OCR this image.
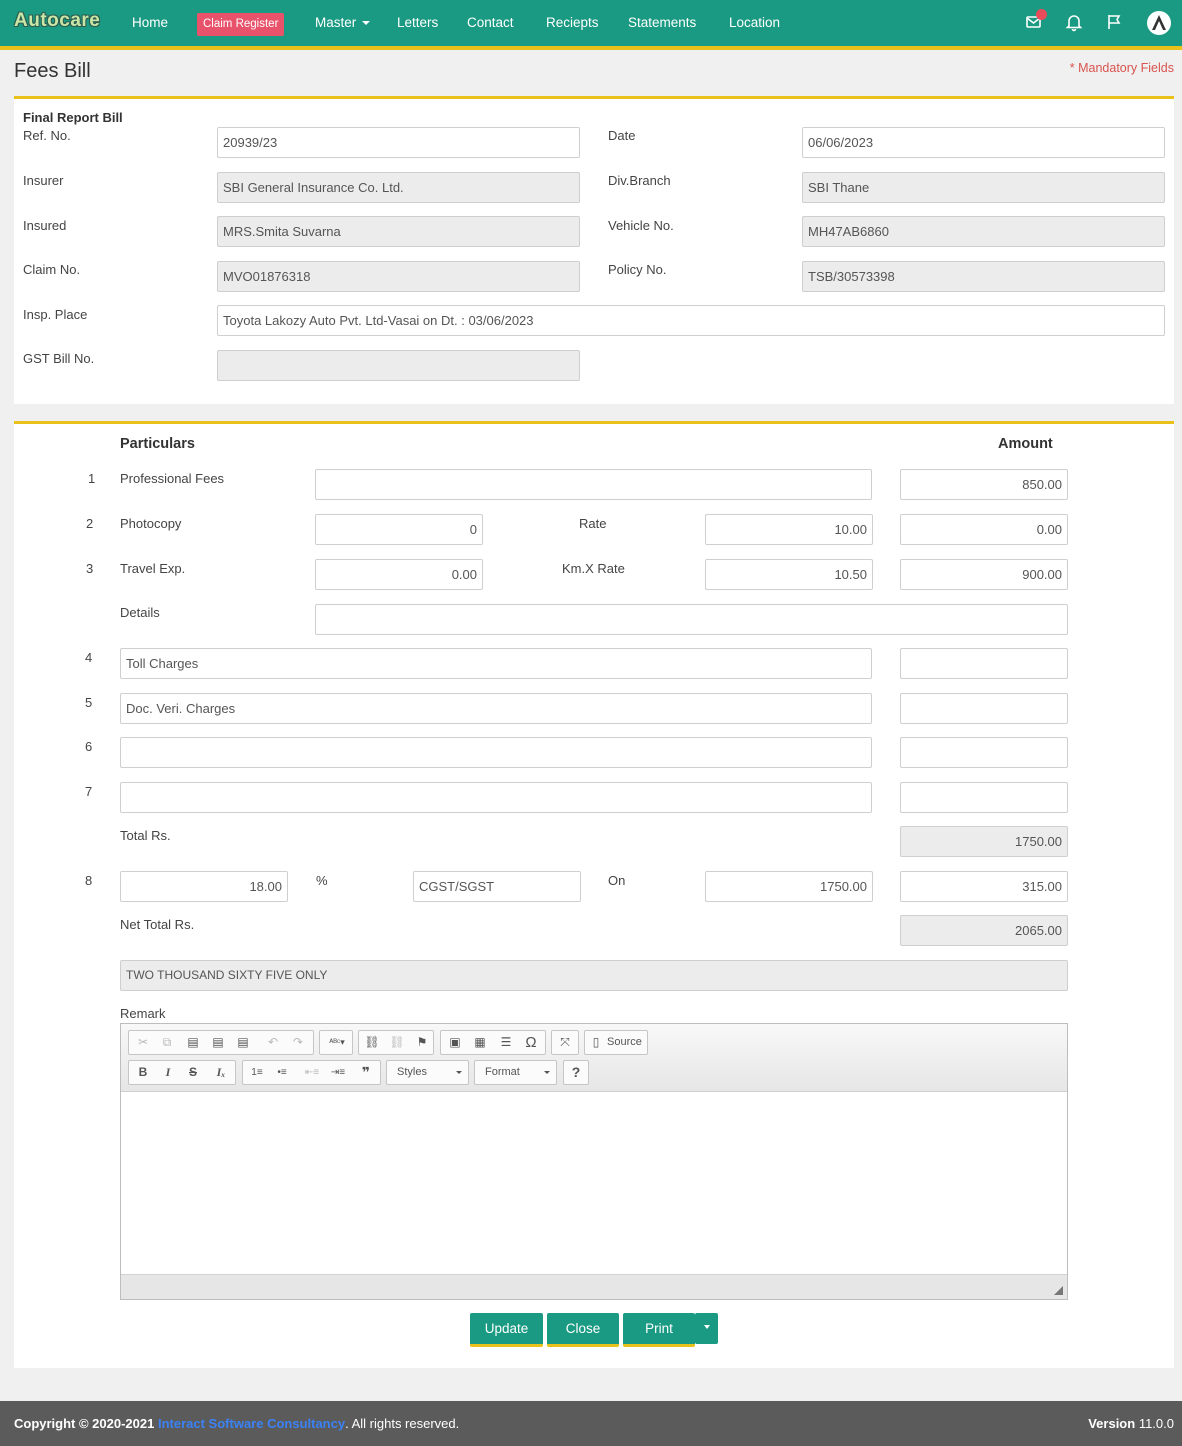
Autocare Home	Claim Register	Master	Letters Contact Reciepts Statements Location
Fees Bill	* Mandatory Fields
Final Report Bill
Ref. No.	20939/23	Date	06/06/2023
Insurer	SBI General Insurance Co. Ltd.	Div.Branch	SBI Thane
Insured	MRS.Smita Suvarna	Vehicle No.	MH47AB6860
Claim No.	MVO01876318	Policy No.	TSB/30573398
Insp. Place	Toyota Lakozy Auto Pvt. Ltd-Vasai on Dt. : 03/06/2023
GST Bill No.
Particulars	Amount
1 Professional Fees	850.00
2 Photocopy	0	Rate	10.00	0.00
3 Travel Exp.	0.00	Km.X Rate	10.50	900.00
Details
4	Toll Charges
5	Doc. Veri. Charges
6
7
Total Rs.	1750.00
8	18.00	%	CGST/SGST	On	1750.00	315.00
Net Total Rs.	2065.00
TWO THOUSAND SIXTY FIVE ONLY
Remark
✂	⧉	▤	▤	▤	↶	↷	ᴬᴮᶜ▾	⛓ ⛓	⚑	▣	▦	☰ Ω	⤧	▯ Source
B	I	S	Iₓ	1≡	•≡	⇤≡	⇥≡	❞	Styles	Format	?
Update	Close	Print
Copyright © 2020-2021 Interact Software Consultancy. All rights reserved.	Version 11.0.0
